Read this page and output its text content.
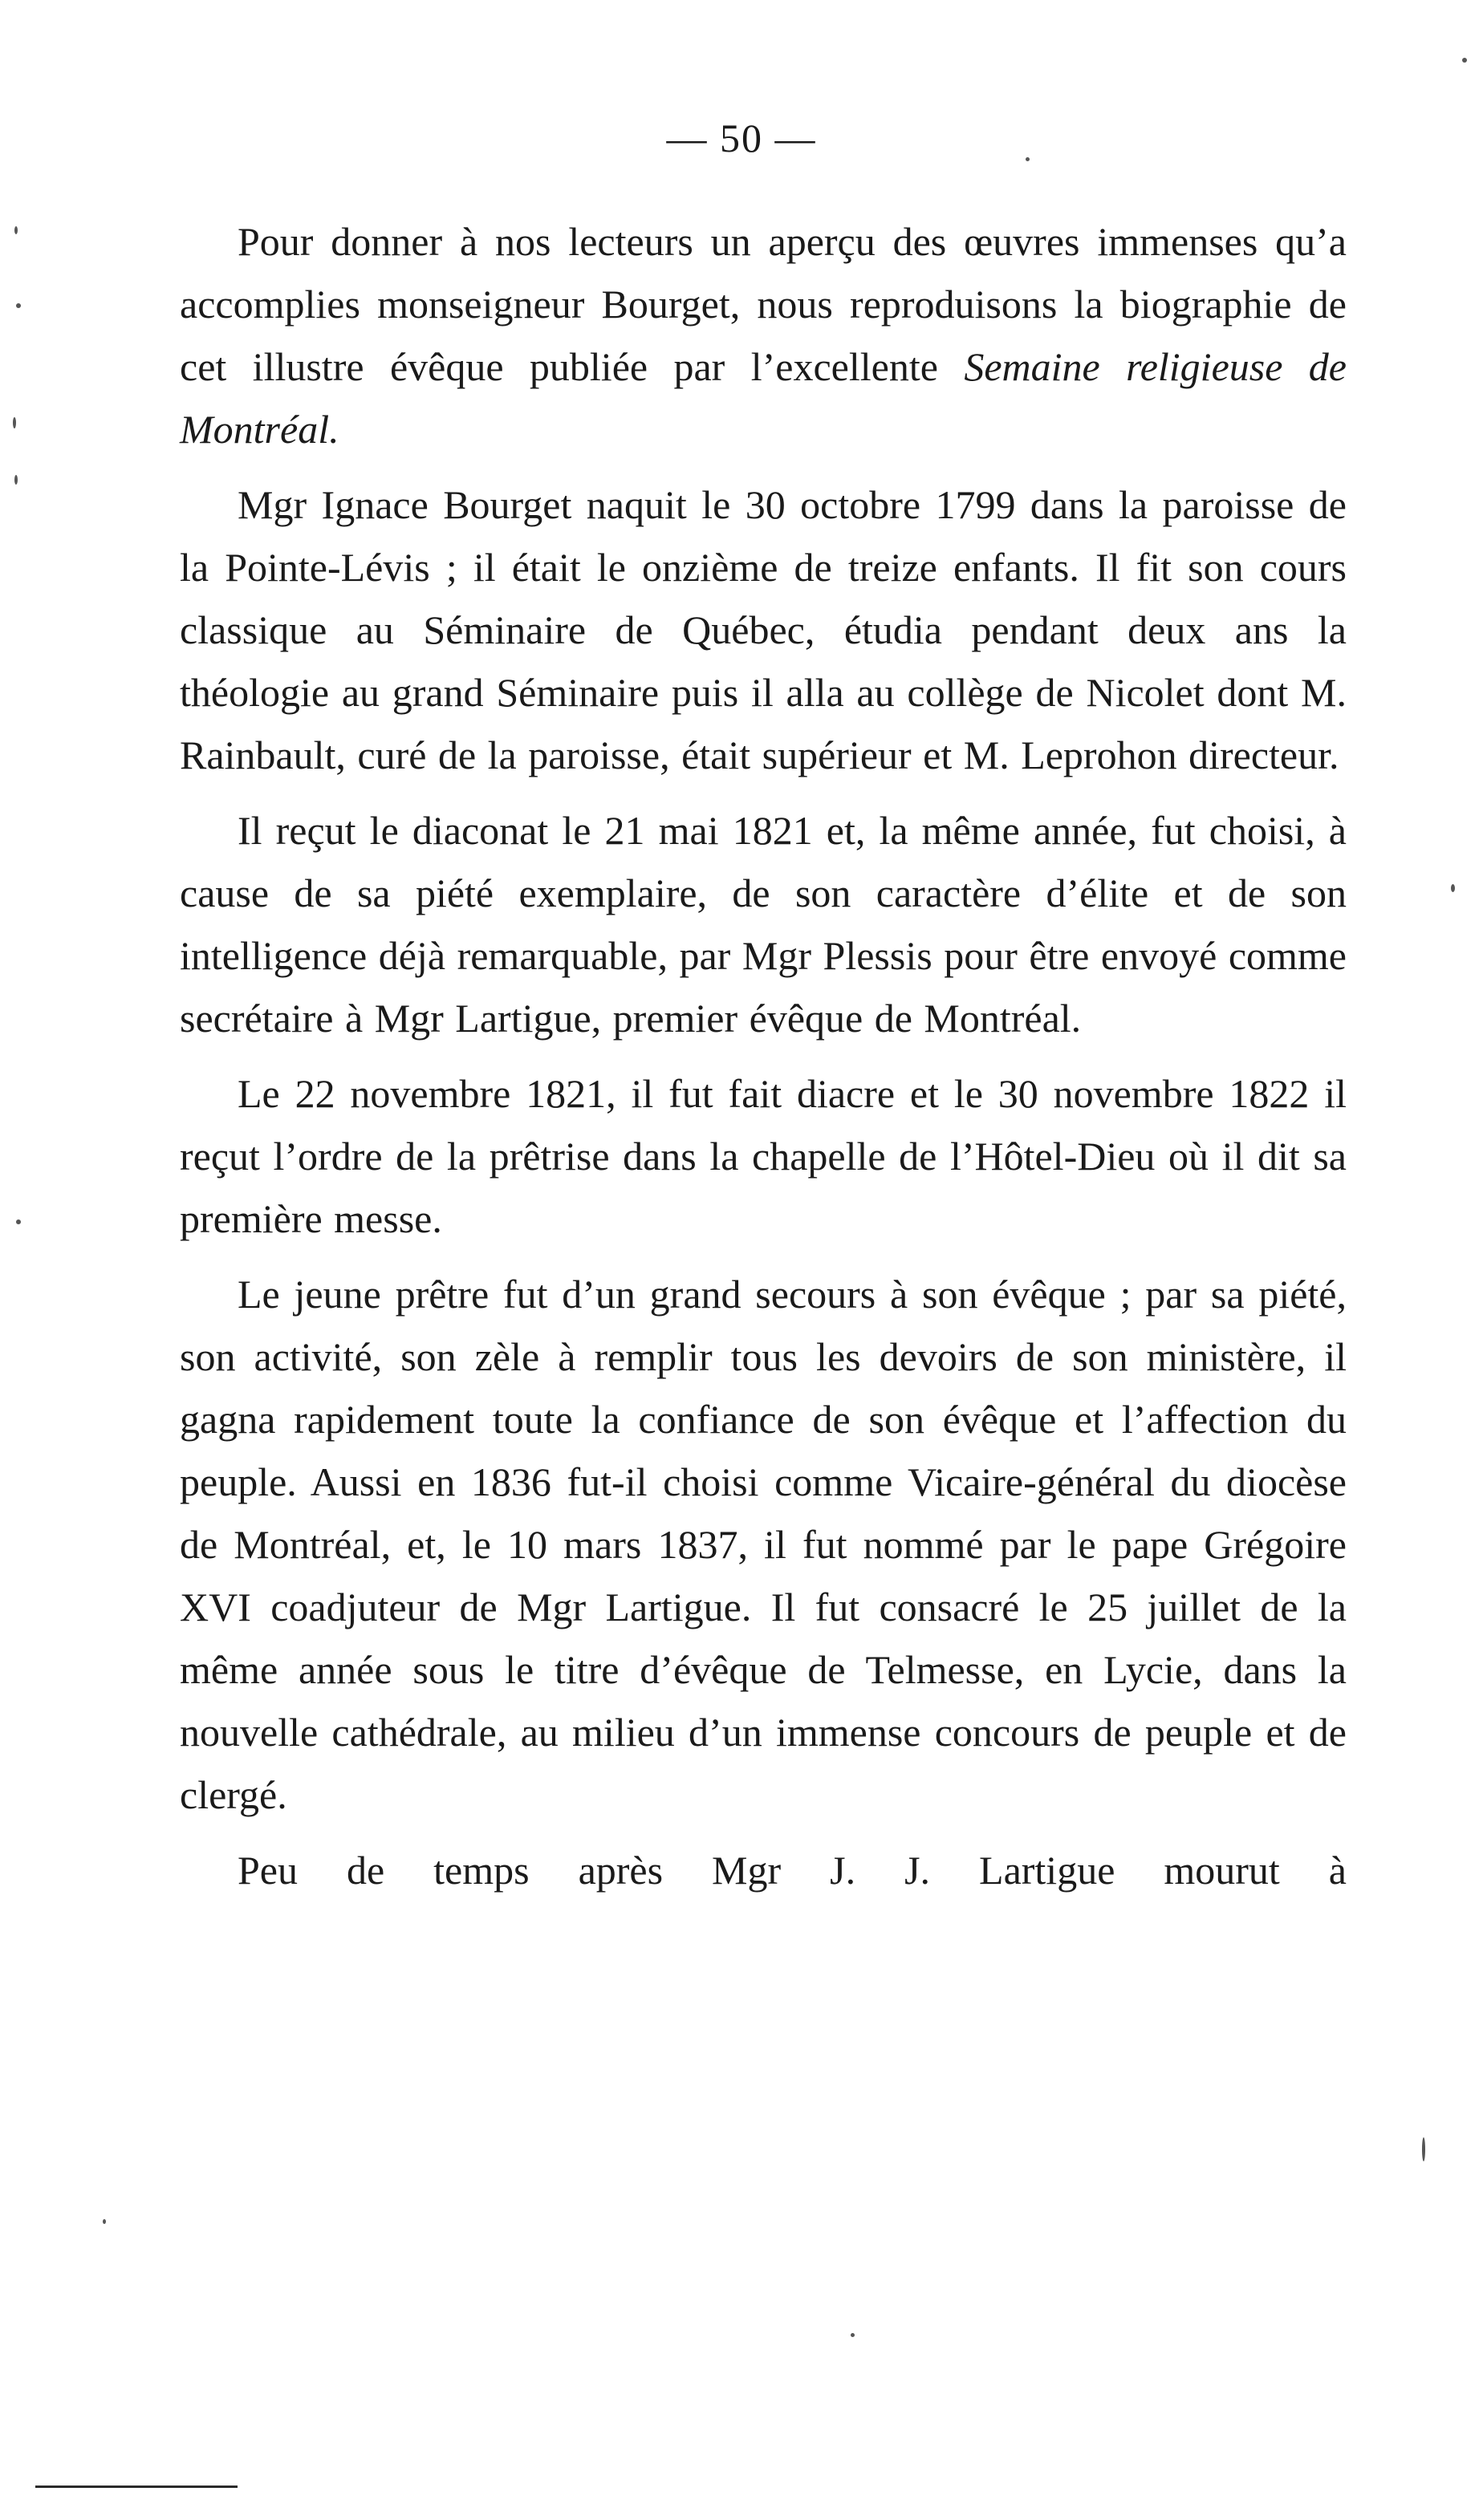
— 50 —

Pour donner à nos lecteurs un aperçu des œuvres immenses qu’a accomplies monseigneur Bourget, nous reproduisons la biographie de cet illustre évêque publiée par l’excellente Semaine religieuse de Montréal.

Mgr Ignace Bourget naquit le 30 octobre 1799 dans la paroisse de la Pointe-Lévis ; il était le onzième de treize enfants. Il fit son cours classique au Séminaire de Québec, étudia pendant deux ans la théologie au grand Séminaire puis il alla au collège de Nicolet dont M. Rainbault, curé de la paroisse, était supérieur et M. Leprohon directeur.

Il reçut le diaconat le 21 mai 1821 et, la même année, fut choisi, à cause de sa piété exemplaire, de son caractère d’élite et de son intelligence déjà remarquable, par Mgr Plessis pour être envoyé comme secrétaire à Mgr Lartigue, premier évêque de Montréal.

Le 22 novembre 1821, il fut fait diacre et le 30 novembre 1822 il reçut l’ordre de la prêtrise dans la chapelle de l’Hôtel-Dieu où il dit sa première messe.

Le jeune prêtre fut d’un grand secours à son évêque ; par sa piété, son activité, son zèle à remplir tous les devoirs de son ministère, il gagna rapidement toute la confiance de son évêque et l’affection du peuple. Aussi en 1836 fut-il choisi comme Vicaire-général du diocèse de Montréal, et, le 10 mars 1837, il fut nommé par le pape Grégoire XVI coadjuteur de Mgr Lartigue. Il fut consacré le 25 juillet de la même année sous le titre d’évêque de Telmesse, en Lycie, dans la nouvelle cathédrale, au milieu d’un immense concours de peuple et de clergé.

Peu de temps après Mgr J. J. Lartigue mourut à
